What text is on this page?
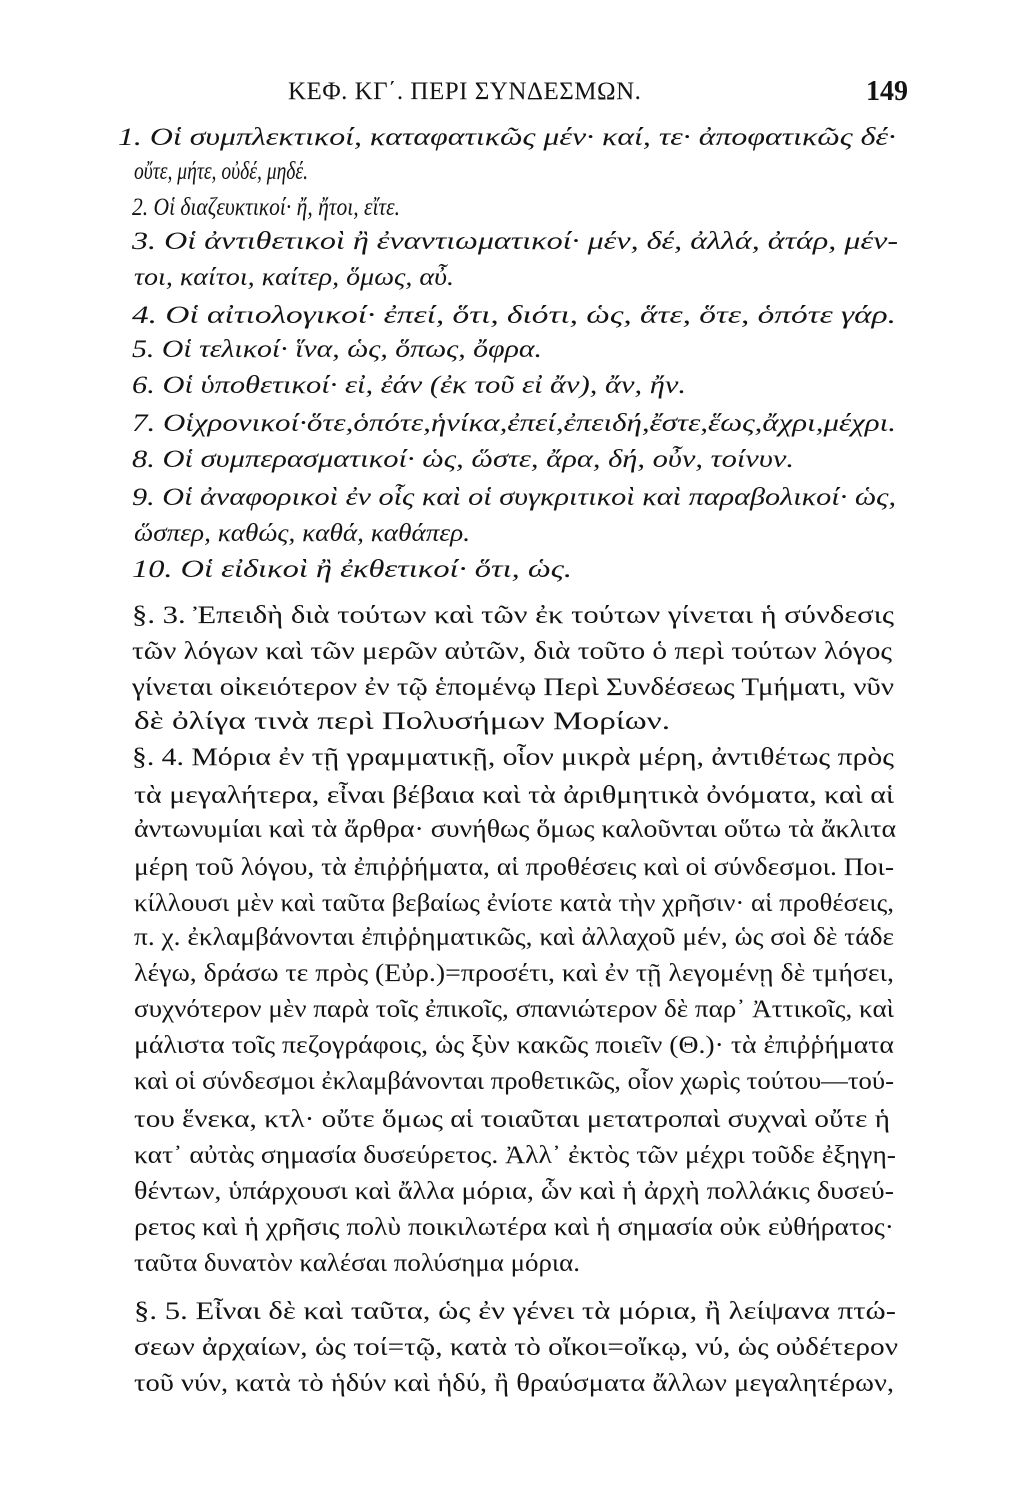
ΚΕΦ. ΚΓ΄. ΠΕΡΙ ΣΥΝΔΕΣΜΩΝ.	149
1. Οἱ συμπλεκτικοί, καταφατικῶς μέν· καί, τε· ἀποφατικῶς δέ·
οὔτε, μήτε, οὐδέ, μηδέ.
2. Οἱ διαζευκτικοί· ἤ, ἤτοι, εἴτε.
3. Οἱ ἀντιθετικοὶ ἢ ἐναντιωματικοί· μέν, δέ, ἀλλά, ἀτάρ, μέν-
τοι, καίτοι, καίτερ, ὅμως, αὖ.
4. Οἱ αἰτιολογικοί· ἐπεί, ὅτι, διότι, ὡς, ἅτε, ὅτε, ὁπότε γάρ.
5. Οἱ τελικοί· ἵνα, ὡς, ὅπως, ὄφρα.
6. Οἱ ὑποθετικοί· εἰ, ἐάν (ἐκ τοῦ εἰ ἄν), ἄν, ἤν.
7. Οἱχρονικοί·ὅτε,ὁπότε,ἡνίκα,ἐπεί,ἐπειδή,ἔστε,ἕως,ἄχρι,μέχρι.
8. Οἱ συμπερασματικοί· ὡς, ὥστε, ἄρα, δή, οὖν, τοίνυν.
9. Οἱ ἀναφορικοὶ ἐν οἷς καὶ οἱ συγκριτικοὶ καὶ παραβολικοί· ὡς,
ὥσπερ, καθώς, καθά, καθάπερ.
10. Οἱ εἰδικοὶ ἢ ἐκθετικοί· ὅτι, ὡς.
§. 3. Ἐπειδὴ διὰ τούτων καὶ τῶν ἐκ τούτων γίνεται ἡ σύνδεσις
τῶν λόγων καὶ τῶν μερῶν αὐτῶν, διὰ τοῦτο ὁ περὶ τούτων λόγος
γίνεται οἰκειότερον ἐν τῷ ἑπομένῳ Περὶ Συνδέσεως Τμήματι, νῦν
δὲ ὀλίγα τινὰ περὶ Πολυσήμων Μορίων.
§. 4. Μόρια ἐν τῇ γραμματικῇ, οἷον μικρὰ μέρη, ἀντιθέτως πρὸς
τὰ μεγαλήτερα, εἶναι βέβαια καὶ τὰ ἀριθμητικὰ ὀνόματα, καὶ αἱ
ἀντωνυμίαι καὶ τὰ ἄρθρα· συνήθως ὅμως καλοῦνται οὕτω τὰ ἄκλιτα
μέρη τοῦ λόγου, τὰ ἐπιῤῥήματα, αἱ προθέσεις καὶ οἱ σύνδεσμοι. Ποι-
κίλλουσι μὲν καὶ ταῦτα βεβαίως ἐνίοτε κατὰ τὴν χρῆσιν· αἱ προθέσεις,
π. χ. ἐκλαμβάνονται ἐπιῤῥηματικῶς, καὶ ἀλλαχοῦ μέν, ὡς σοὶ δὲ τάδε
λέγω, δράσω τε πρὸς (Εὐρ.)=προσέτι, καὶ ἐν τῇ λεγομένῃ δὲ τμήσει,
συχνότερον μὲν παρὰ τοῖς ἐπικοῖς, σπανιώτερον δὲ παρ᾽ Ἀττικοῖς, καὶ
μάλιστα τοῖς πεζογράφοις, ὡς ξὺν κακῶς ποιεῖν (Θ.)· τὰ ἐπιῤῥήματα
καὶ οἱ σύνδεσμοι ἐκλαμβάνονται προθετικῶς, οἷον χωρὶς τούτου—τού-
του ἕνεκα, κτλ· οὔτε ὅμως αἱ τοιαῦται μετατροπαὶ συχναὶ οὔτε ἡ
κατ᾽ αὐτὰς σημασία δυσεύρετος. Ἀλλ᾽ ἐκτὸς τῶν μέχρι τοῦδε ἐξηγη-
θέντων, ὑπάρχουσι καὶ ἄλλα μόρια, ὧν καὶ ἡ ἀρχὴ πολλάκις δυσεύ-
ρετος καὶ ἡ χρῆσις πολὺ ποικιλωτέρα καὶ ἡ σημασία οὐκ εὐθήρατος·
ταῦτα δυνατὸν καλέσαι πολύσημα μόρια.
§. 5. Εἶναι δὲ καὶ ταῦτα, ὡς ἐν γένει τὰ μόρια, ἢ λείψανα πτώ-
σεων ἀρχαίων, ὡς τοί=τῷ, κατὰ τὸ οἴκοι=οἴκῳ, νύ, ὡς οὐδέτερον
τοῦ νύν, κατὰ τὸ ἡδύν καὶ ἡδύ, ἢ θραύσματα ἄλλων μεγαλητέρων,
